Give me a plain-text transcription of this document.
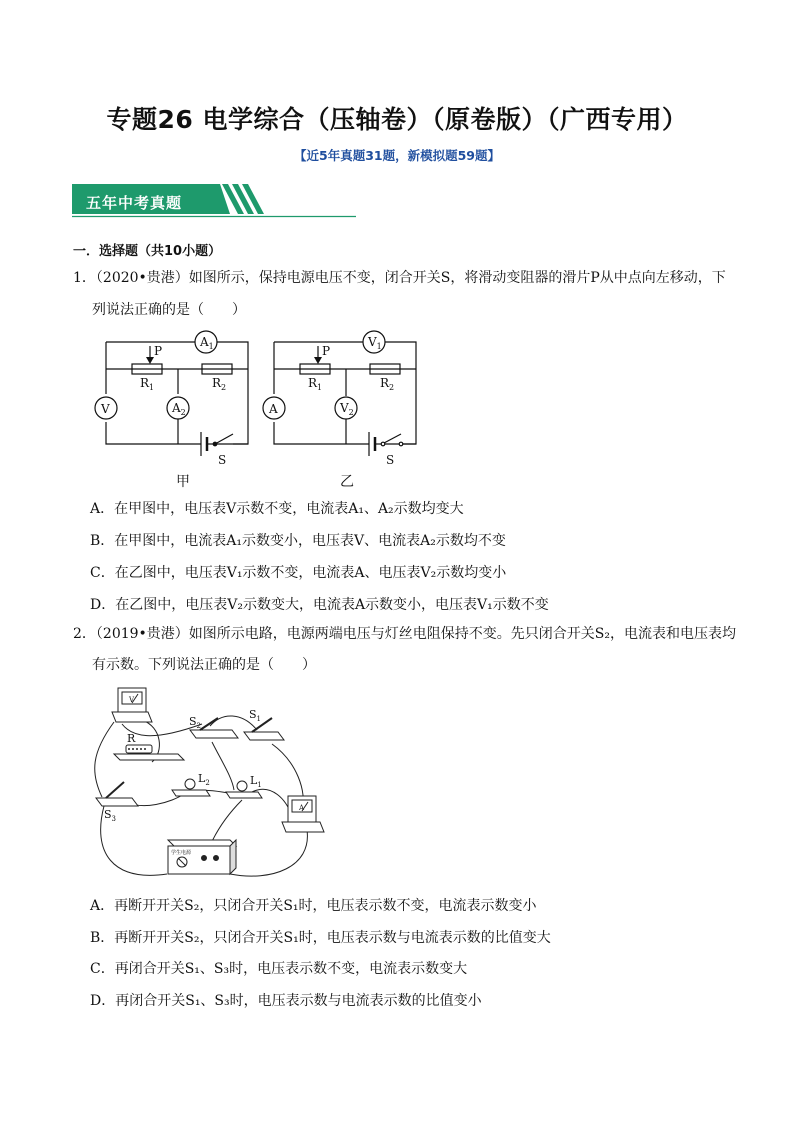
专题26 电学综合（压轴卷）（原卷版）（广西专用）
【近5年真题31题，新模拟题59题】
五年中考真题
一．选择题（共10小题）
1．（2020•贵港）如图所示，保持电源电压不变，闭合开关S，将滑动变阻器的滑片P从中点向左移动，下
列说法正确的是（　　）
P
$A_1$
$R_1$	$R_2$
V	$A_2$
S
P
$V_1$
$R_1$	$R_2$
A	$V_2$
S
甲	乙
A．在甲图中，电压表V示数不变，电流表A₁、A₂示数均变大
B．在甲图中，电流表A₁示数变小，电压表V、电流表A₂示数均不变
C．在乙图中，电压表V₁示数不变，电流表A、电压表V₂示数均变小
D．在乙图中，电压表V₂示数变大，电流表A示数变小，电压表V₁示数不变
2．（2019•贵港）如图所示电路，电源两端电压与灯丝电阻保持不变。先只闭合开关S₂，电流表和电压表均
有示数。下列说法正确的是（　　）
V
R
$S_2$
$S_1$
$S_3$
$L_2$	$L_1$
A
学生电源
A．再断开开关S₂，只闭合开关S₁时，电压表示数不变，电流表示数变小
B．再断开开关S₂，只闭合开关S₁时，电压表示数与电流表示数的比值变大
C．再闭合开关S₁、S₃时，电压表示数不变，电流表示数变大
D．再闭合开关S₁、S₃时，电压表示数与电流表示数的比值变小
